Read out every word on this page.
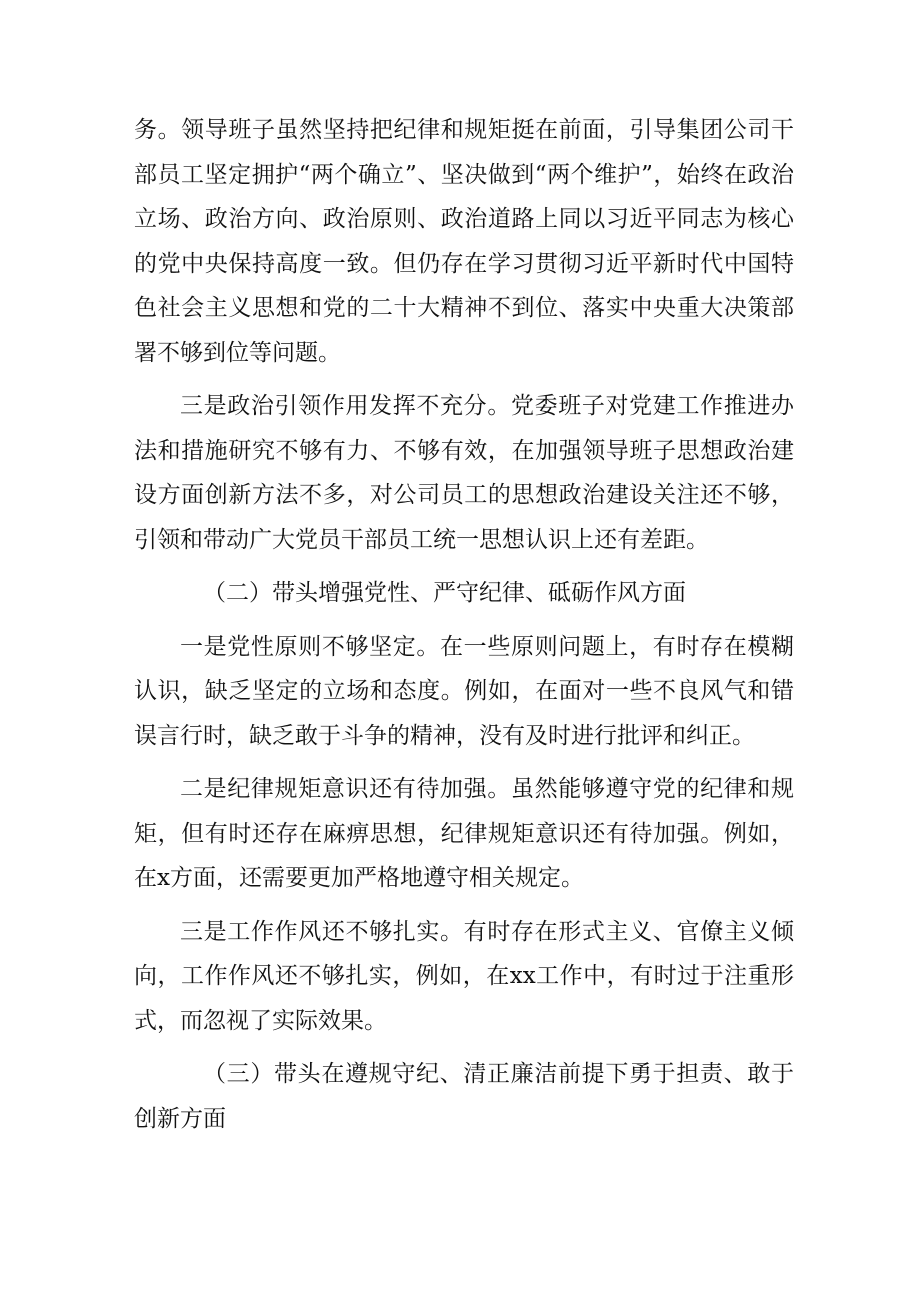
务。领导班子虽然坚持把纪律和规矩挺在前面，引导集团公司干部员工坚定拥护“两个确立”、坚决做到“两个维护”，始终在政治立场、政治方向、政治原则、政治道路上同以习近平同志为核心的党中央保持高度一致。但仍存在学习贯彻习近平新时代中国特色社会主义思想和党的二十大精神不到位、落实中央重大决策部署不够到位等问题。

三是政治引领作用发挥不充分。党委班子对党建工作推进办法和措施研究不够有力、不够有效，在加强领导班子思想政治建设方面创新方法不多，对公司员工的思想政治建设关注还不够，引领和带动广大党员干部员工统一思想认识上还有差距。

（二）带头增强党性、严守纪律、砥砺作风方面

一是党性原则不够坚定。在一些原则问题上，有时存在模糊认识，缺乏坚定的立场和态度。例如，在面对一些不良风气和错误言行时，缺乏敢于斗争的精神，没有及时进行批评和纠正。

二是纪律规矩意识还有待加强。虽然能够遵守党的纪律和规矩，但有时还存在麻痹思想，纪律规矩意识还有待加强。例如，在x方面，还需要更加严格地遵守相关规定。

三是工作作风还不够扎实。有时存在形式主义、官僚主义倾向，工作作风还不够扎实，例如，在xx工作中，有时过于注重形式，而忽视了实际效果。

（三）带头在遵规守纪、清正廉洁前提下勇于担责、敢于创新方面
